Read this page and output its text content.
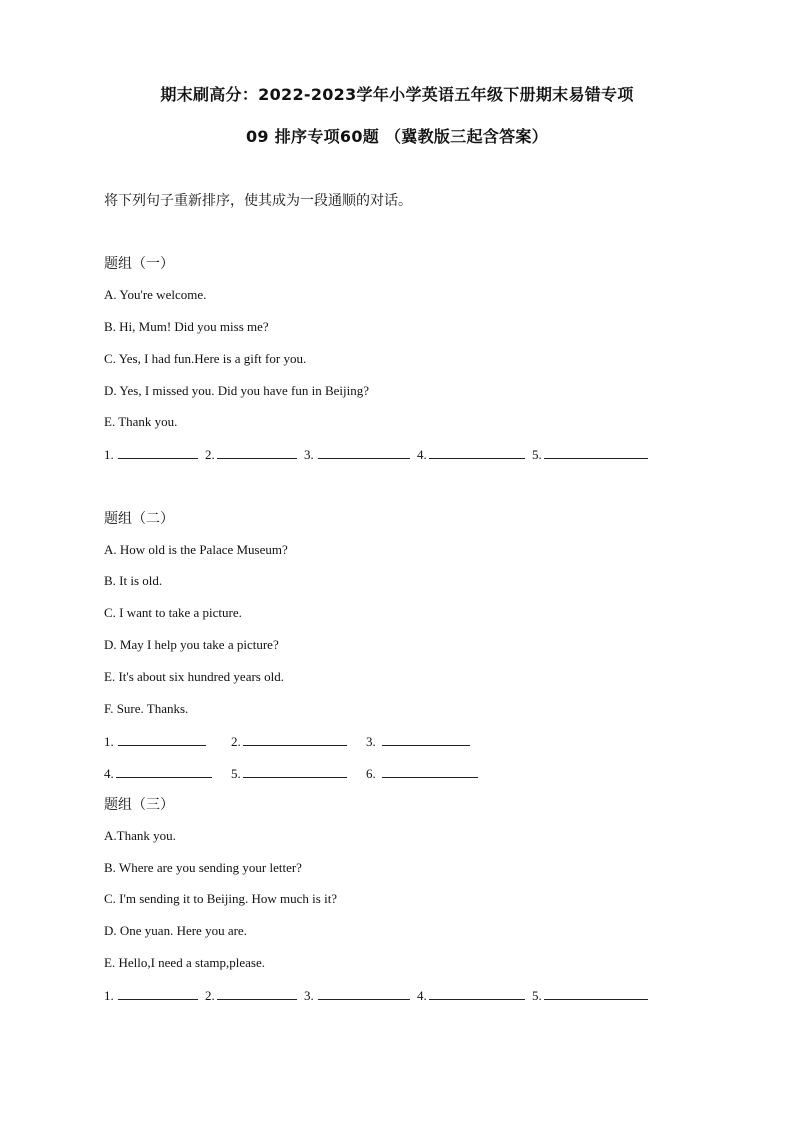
期末刷高分：2022-2023学年小学英语五年级下册期末易错专项
09 排序专项60题 （冀教版三起含答案）
将下列句子重新排序，使其成为一段通顺的对话。
题组（一）
A. You're welcome.
B. Hi, Mum! Did you miss me?
C. Yes, I had fun.Here is a gift for you.
D. Yes, I missed you. Did you have fun in Beijing?
E. Thank you.
1.	2.	3.	4.	5.
题组（二）
A. How old is the Palace Museum?
B. It is old.
C. I want to take a picture.
D. May I help you take a picture?
E. It's about six hundred years old.
F. Sure. Thanks.
1.	2.	3.
4.	5.	6.
题组（三）
A.Thank you.
B. Where are you sending your letter?
C. I'm sending it to Beijing. How much is it?
D. One yuan. Here you are.
E. Hello,I need a stamp,please.
1.	2.	3.	4.	5.
